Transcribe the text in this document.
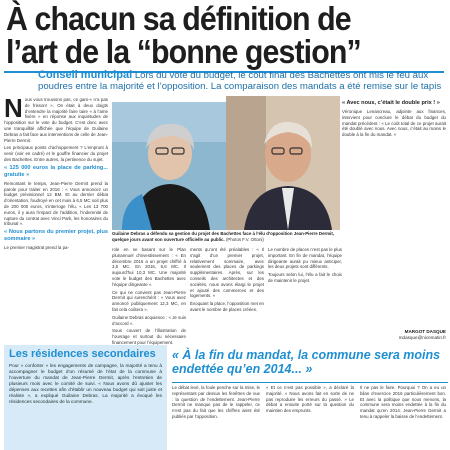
À chacun sa définition de
l’art de la “bonne gestion”
Conseil municipal Lors du vote du budget, le coût final des Bachettes ont mis le feu aux poudres entre la majorité et l’opposition. La comparaison des mandats a été remise sur le tapis
N ous vous trouvions pas, ce gars-« n’a pas de frisson! ». On était à deux doigts d’entendre la majorité faire taire « à l’ame fisére » en réponse aux inquiétudes de l’opposition sur le vote du budget. C’est donc avec une tranquillité affichée que l’équipe de Guilaine Debras a fait face aux interventions de celle de Jean-Pierre Dermit.

Les principaux points d’achoppement ? L’emprunt à venir (voir en cadré) et le gouffre financier du projet des Bachettes. Entre autres, la pertinence du sujet.

« 125 000 euros la place de parking... gratuite »

Remontant le temps, Jean-Pierre Dermit prend la parole pour traiter en 2016 : « Vous annoncez un budget prévisionnel 12 BM. Et au dernier débat d’orientation, foudroyé en cet mois à 6,5 MC soit plus de 200 000 euros, s’interroge l’élu. « Les 13 700 euros, il y aura l’impact de l’addition, l’indemnité de rupture du contrat avec Vinci Park, les honoraires du tribunal ».

« Nous partons du premier projet, plus sommaire »

Le premier magistrat prend la pa-

Guilaine Debras a défendu sa gestion du projet des Bachettes face à l’élu d’opposition Jean-Pierre Dermit, quelque jours avant son ouverture officielle au public. (Photos F.V. Ottoni)

role en se basant sur le Plan pluriannuel d’investissement : « En décembre 2015 a un projet chiffré à 3,5 MC. En 2016, 6,6 MC. Il aujourd’hui 10,3 MC. Une majorité vote le budget des Bachettes avec l’équipe dirigeante ».

Ce qui ne convient pas Jean-Pierre Dermit qui surenchérit : « Vous avez annoncé publiquement 12,3 MC, en fait cela coûtera ».

Guilaine Debras acquiesce : « Je suis d’accord ».

Sous couvert de l’illustration de l’ouvrage et surtout du nécessaire financement pour l’équipement.

ments qu’ont été préalables : « Il s’agit d’un premier projet, relativement sommaire, avec seulement des places de parkings supplémentaires. Après, sur les conseils des architectes et des sociétés, nous avons élargi le projet et ajouté des commerces et des logements. »

Évoquant la place, l’opposition met en avant le nombre de places créées.

Le nombre de places n’est pas le plus important. En fin de mandat, l’équipe dirigeante aurait pu mieux anticiper, les deux projets sont différents.

Toujours selon lui, l’élu a fait le choix de maintenir le projet.

« Avec nous, c’était le double prix ! »
Véronique Lenancreau, adjointe aux finances, intervient pour conclure le débat du budget du mandat précédent : « Le coût total de ce projet aurait été doublé avec nous. Avec nous, c’était au moins le double à la fin du mandat. »
MARGOT DASQUE
mdasque@nicematin.fr
Les résidences secondaires
Pour « conforter » les engagements de campagne, la majorité a tenu à accompagner le budget d’un résumé de l’état de la commune à l’ouverture du mandat de Jean-Pierre Dermit, après l’entretien de plusieurs mois avec le comité de suivi. « Nous avons dû ajuster les dépenses aux recettes afin d’établir un nouveau budget qui soit juste et réaliste », a expliqué Guilaine Debras. La majorité a évoqué les résidences secondaires de la commune.
« À la fin du mandat, la commune sera moins endettée qu’en 2014... »
Le débat levé, la foule penche sur la mise, le représentant par dessus les fenêtres de vue : la question de l’endettement. Jean-Pierre Dermit ne manque pas de le rappeler, ce n’est pas du fait que les chiffres aient été publiés par l’opposition.
« Et ce n’est pas possible », a déclaré la majorité. « Nous avons fait en sorte de ne pas reproduire les erreurs du passé. » Le débat a ensuite porté sur la question du maintien des emprunts.
Il ne pas le faire. Pourquoi ? On a eu un bilan d’exercice 2016 particulièrement bon. Et avec la politique que nous menons, la commune sera moins endettée à la fin du mandat qu’en 2014. Jean-Pierre Dermit a tenu à rappeler la baisse de l’endettement.
